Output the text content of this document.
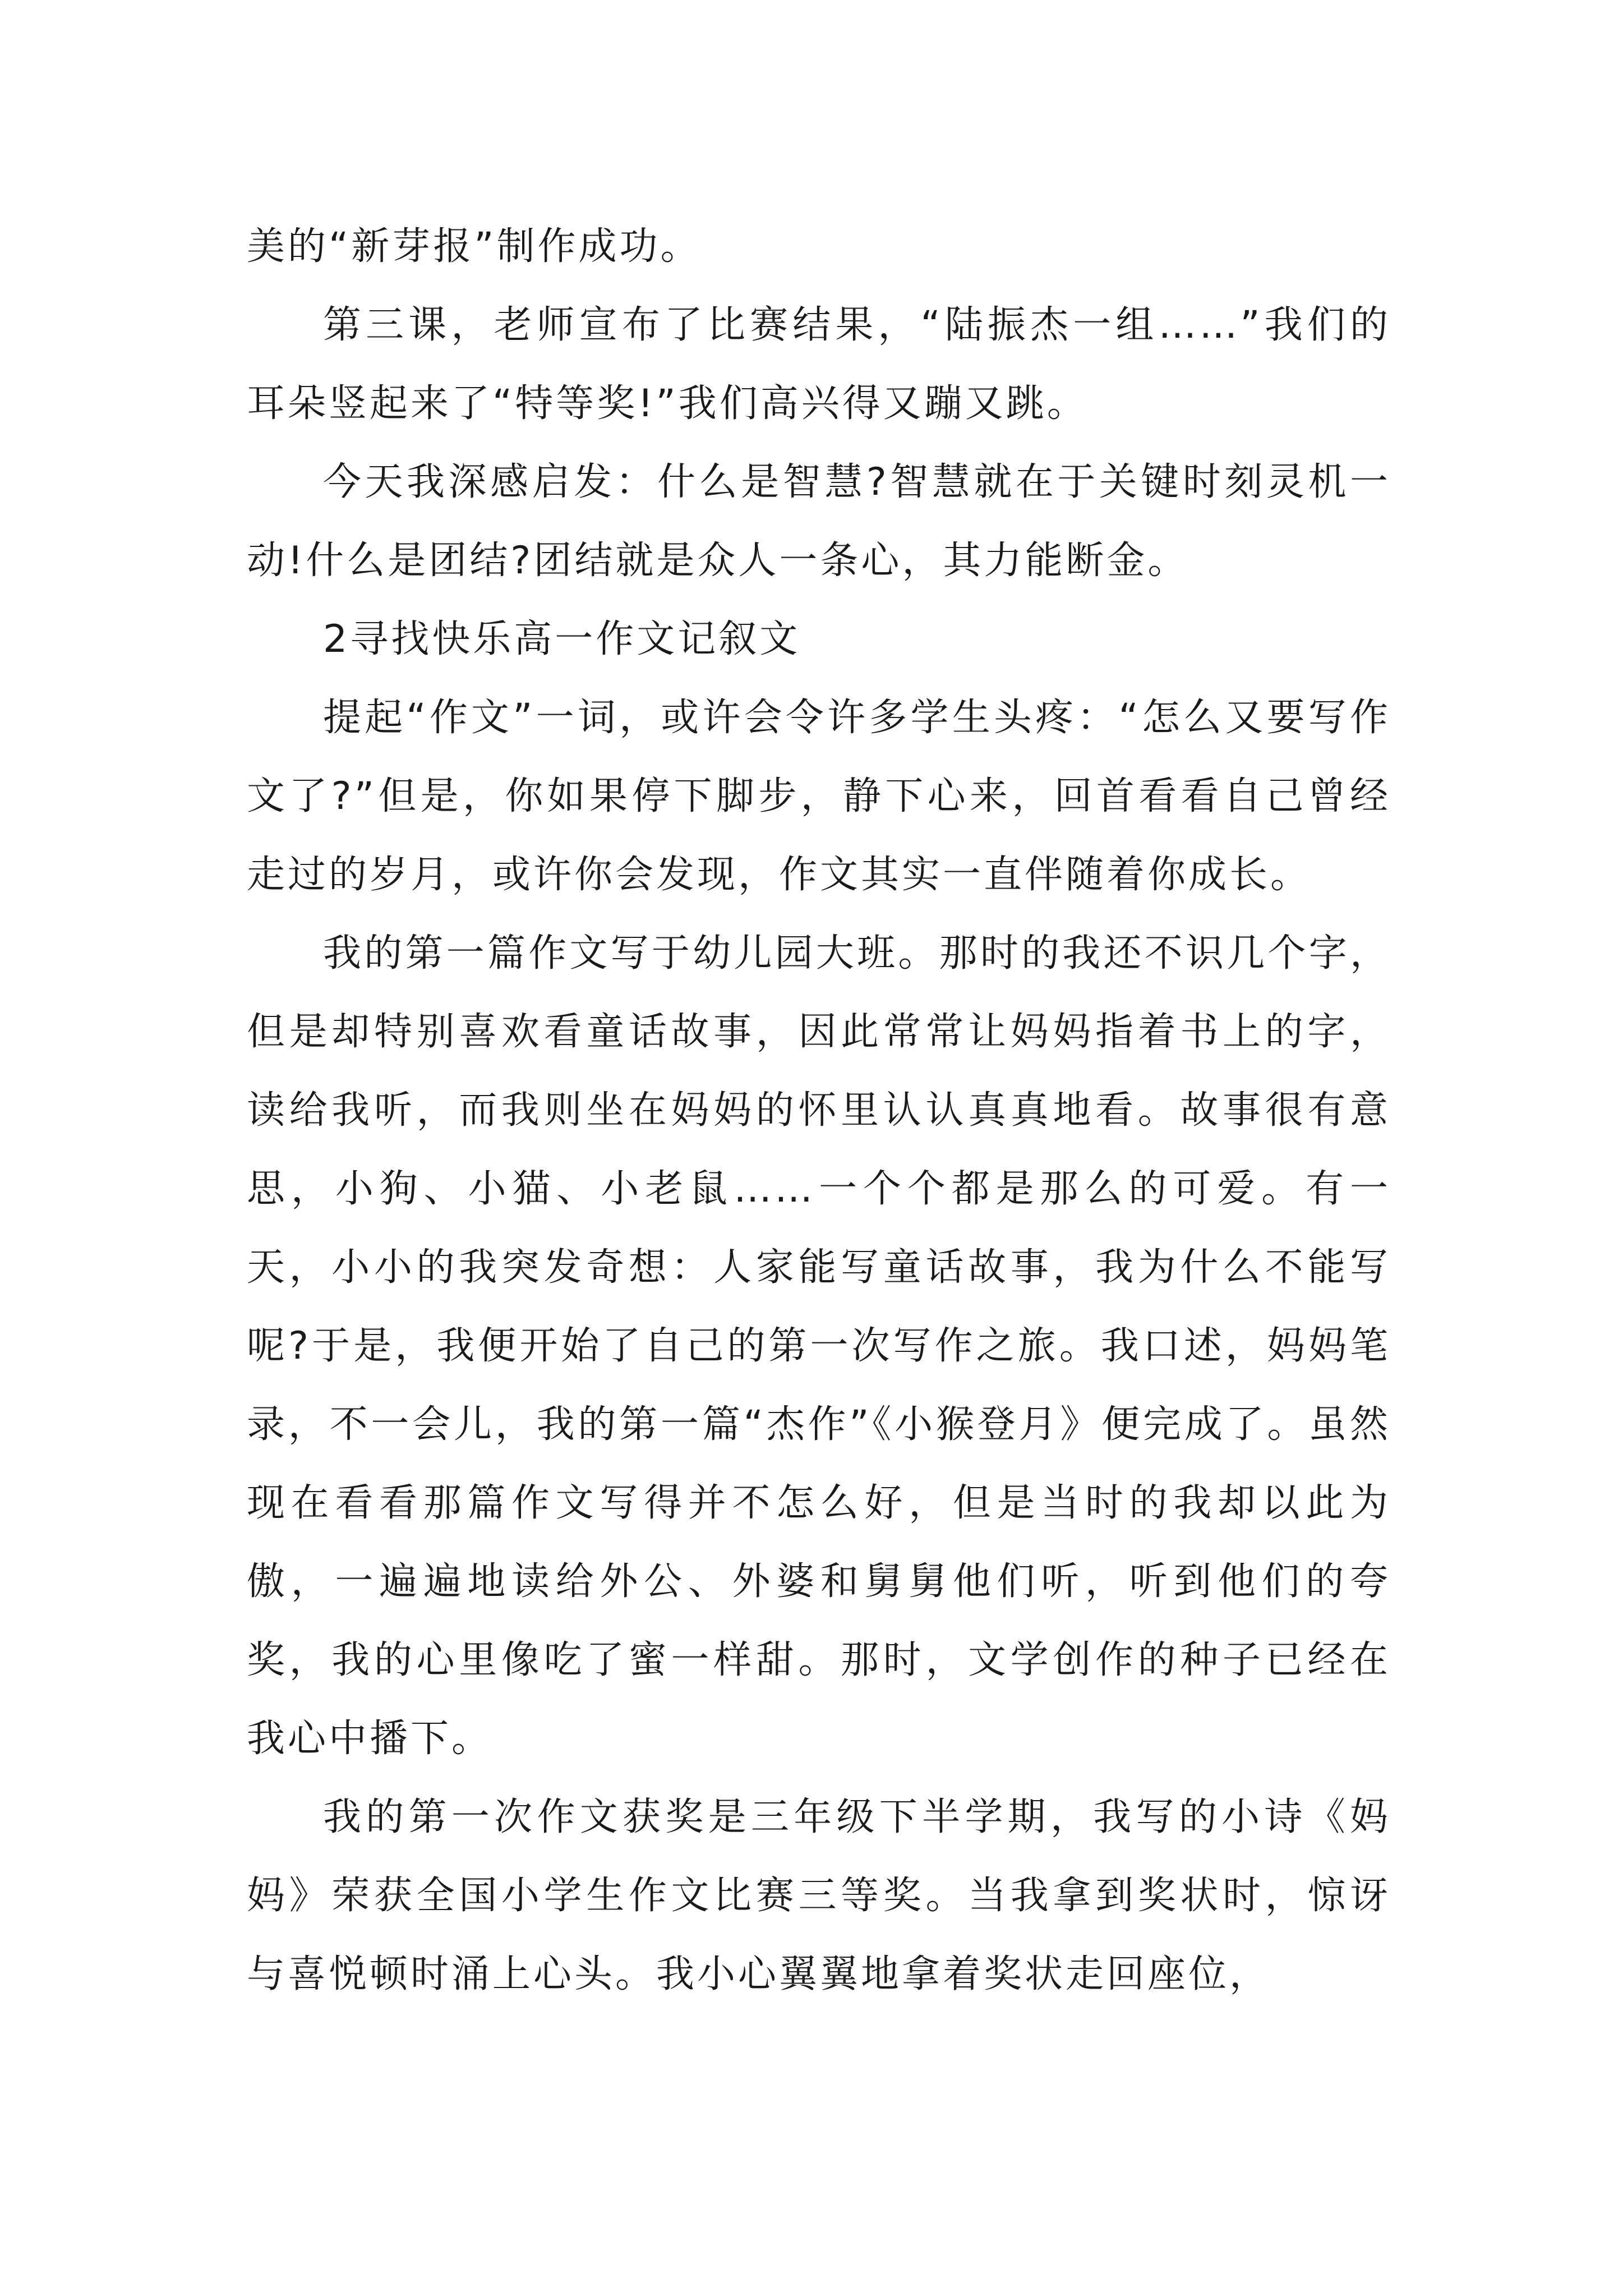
美的“新芽报”制作成功。

第三课，老师宣布了比赛结果，“陆振杰一组……”我们的耳朵竖起来了“特等奖!”我们高兴得又蹦又跳。

今天我深感启发：什么是智慧?智慧就在于关键时刻灵机一动!什么是团结?团结就是众人一条心，其力能断金。

2寻找快乐高一作文记叙文

提起“作文”一词，或许会令许多学生头疼：“怎么又要写作文了?”但是，你如果停下脚步，静下心来，回首看看自己曾经走过的岁月，或许你会发现，作文其实一直伴随着你成长。

我的第一篇作文写于幼儿园大班。那时的我还不识几个字，但是却特别喜欢看童话故事，因此常常让妈妈指着书上的字，读给我听，而我则坐在妈妈的怀里认认真真地看。故事很有意思，小狗、小猫、小老鼠……一个个都是那么的可爱。有一天，小小的我突发奇想：人家能写童话故事，我为什么不能写呢?于是，我便开始了自己的第一次写作之旅。我口述，妈妈笔录，不一会儿，我的第一篇“杰作”《小猴登月》便完成了。虽然现在看看那篇作文写得并不怎么好，但是当时的我却以此为傲，一遍遍地读给外公、外婆和舅舅他们听，听到他们的夸奖，我的心里像吃了蜜一样甜。那时，文学创作的种子已经在我心中播下。

我的第一次作文获奖是三年级下半学期，我写的小诗《妈妈》荣获全国小学生作文比赛三等奖。当我拿到奖状时，惊讶与喜悦顿时涌上心头。我小心翼翼地拿着奖状走回座位，
